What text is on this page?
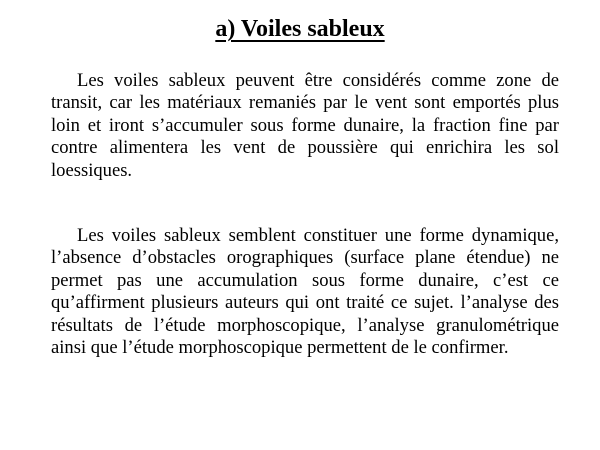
a) Voiles sableux

Les voiles sableux peuvent être considérés comme zone de transit, car les matériaux remaniés par le vent sont emportés plus loin et iront s’accumuler sous forme dunaire, la fraction fine par contre alimentera les vent de poussière qui enrichira les sol loessiques.

Les voiles sableux semblent constituer une forme dynamique, l’absence d’obstacles orographiques (surface plane étendue) ne permet pas une accumulation sous forme dunaire, c’est ce qu’affirment plusieurs auteurs qui ont traité ce sujet. l’analyse des résultats de l’étude morphoscopique, l’analyse granulométrique ainsi que l’étude morphoscopique permettent de le confirmer.
